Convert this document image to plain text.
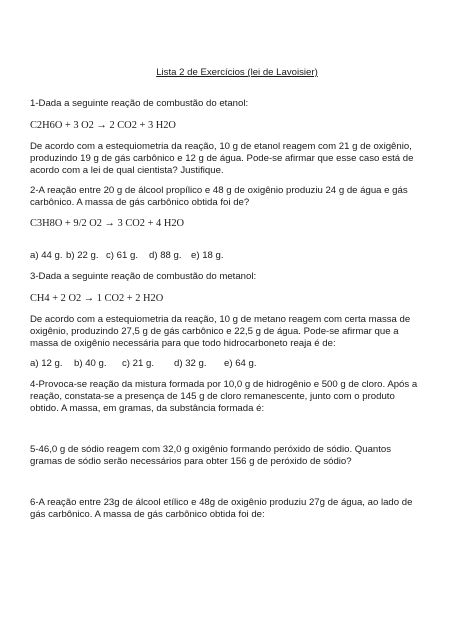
Lista 2 de Exercícios (lei de Lavoisier)
1-Dada a seguinte reação de combustão do etanol:
C2H6O + 3 O2 → 2 CO2 + 3 H2O
De acordo com a estequiometria da reação, 10 g de etanol reagem com 21 g de oxigênio,
produzindo 19 g de gás carbônico e 12 g de água. Pode-se afirmar que esse caso está de
acordo com a lei de qual cientista? Justifique.
2-A reação entre 20 g de álcool propílico e 48 g de oxigênio produziu 24 g de água e gás
carbônico. A massa de gás carbônico obtida foi de?
C3H8O + 9/2 O2 → 3 CO2 + 4 H2O
a) 44 g. b) 22 g. c) 61 g. d) 88 g. e) 18 g.
3-Dada a seguinte reação de combustão do metanol:
CH4 + 2 O2 → 1 CO2 + 2 H2O
De acordo com a estequiometria da reação, 10 g de metano reagem com certa massa de
oxigênio, produzindo 27,5 g de gás carbônico e 22,5 g de água. Pode-se afirmar que a
massa de oxigênio necessária para que todo hidrocarboneto reaja é de:
a) 12 g. b) 40 g. c) 21 g. d) 32 g. e) 64 g.
4-Provoca-se reação da mistura formada por 10,0 g de hidrogênio e 500 g de cloro. Após a
reação, constata-se a presença de 145 g de cloro remanescente, junto com o produto
obtido. A massa, em gramas, da substância formada é:
5-46,0 g de sódio reagem com 32,0 g oxigênio formando peróxido de sódio. Quantos
gramas de sódio serão necessários para obter 156 g de peróxido de sódio?
6-A reação entre 23g de álcool etílico e 48g de oxigênio produziu 27g de água, ao lado de
gás carbônico. A massa de gás carbônico obtida foi de:
